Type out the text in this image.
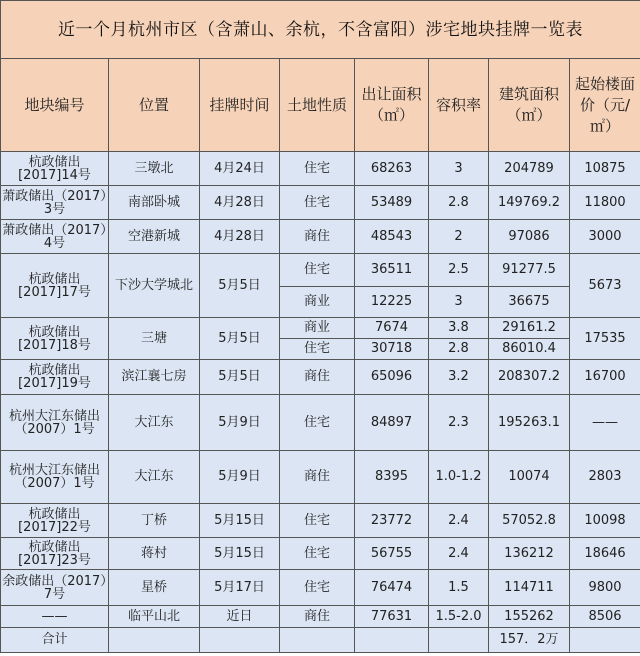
近一个月杭州市区（含萧山、余杭，不含富阳）涉宅地块挂牌一览表							
地块编号	位置	挂牌时间	土地性质	出让面积（㎡）	容积率	建筑面积（㎡）	起始楼面价（元/㎡）
杭政储出[2017]14号	三墩北	4月24日	住宅	68263	3	204789	10875
萧政储出（2017）3号	南部卧城	4月28日	住宅	53489	2.8	149769.2	11800
萧政储出（2017）4号	空港新城	4月28日	商住	48543	2	97086	3000
杭政储出[2017]17号	下沙大学城北	5月5日	住宅	36511	2.5	91277.5	5673
			商业	12225	3	36675	
杭政储出[2017]18号	三塘	5月5日	商业	7674	3.8	29161.2	17535
			住宅	30718	2.8	86010.4	
杭政储出[2017]19号	滨江襄七房	5月5日	商住	65096	3.2	208307.2	16700
杭州大江东储出（2007）1号	大江东	5月9日	住宅	84897	2.3	195263.1	——
杭州大江东储出（2007）1号	大江东	5月9日	商住	8395	1.0-1.2	10074	2803
杭政储出[2017]22号	丁桥	5月15日	住宅	23772	2.4	57052.8	10098
杭政储出[2017]23号	蒋村	5月15日	住宅	56755	2.4	136212	18646
余政储出（2017）7号	星桥	5月17日	住宅	76474	1.5	114711	9800
——	临平山北	近日	商住	77631	1.5-2.0	155262	8506
合计						157．2万	
